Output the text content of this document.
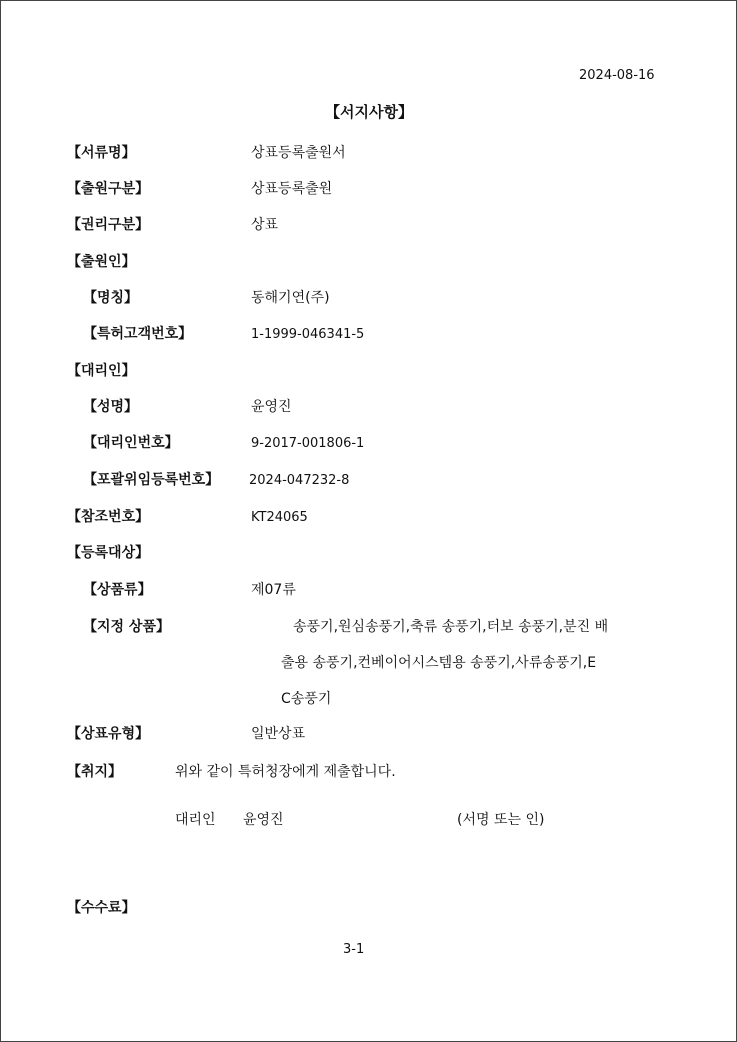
2024-08-16
【서지사항】
【서류명】	상표등록출원서
【출원구분】	상표등록출원
【권리구분】	상표
【출원인】
【명칭】	동해기연(주)
【특허고객번호】	1-1999-046341-5
【대리인】
【성명】	윤영진
【대리인번호】	9-2017-001806-1
【포괄위임등록번호】 2024-047232-8
【참조번호】	KT24065
【등록대상】
【상품류】	제07류
【지정 상품】	송풍기,원심송풍기,축류 송풍기,터보 송풍기,분진 배
출용 송풍기,컨베이어시스템용 송풍기,사류송풍기,E
C송풍기
【상표유형】	일반상표
【취지】	위와 같이 특허청장에게 제출합니다.
대리인 윤영진	(서명 또는 인)
【수수료】
3-1
